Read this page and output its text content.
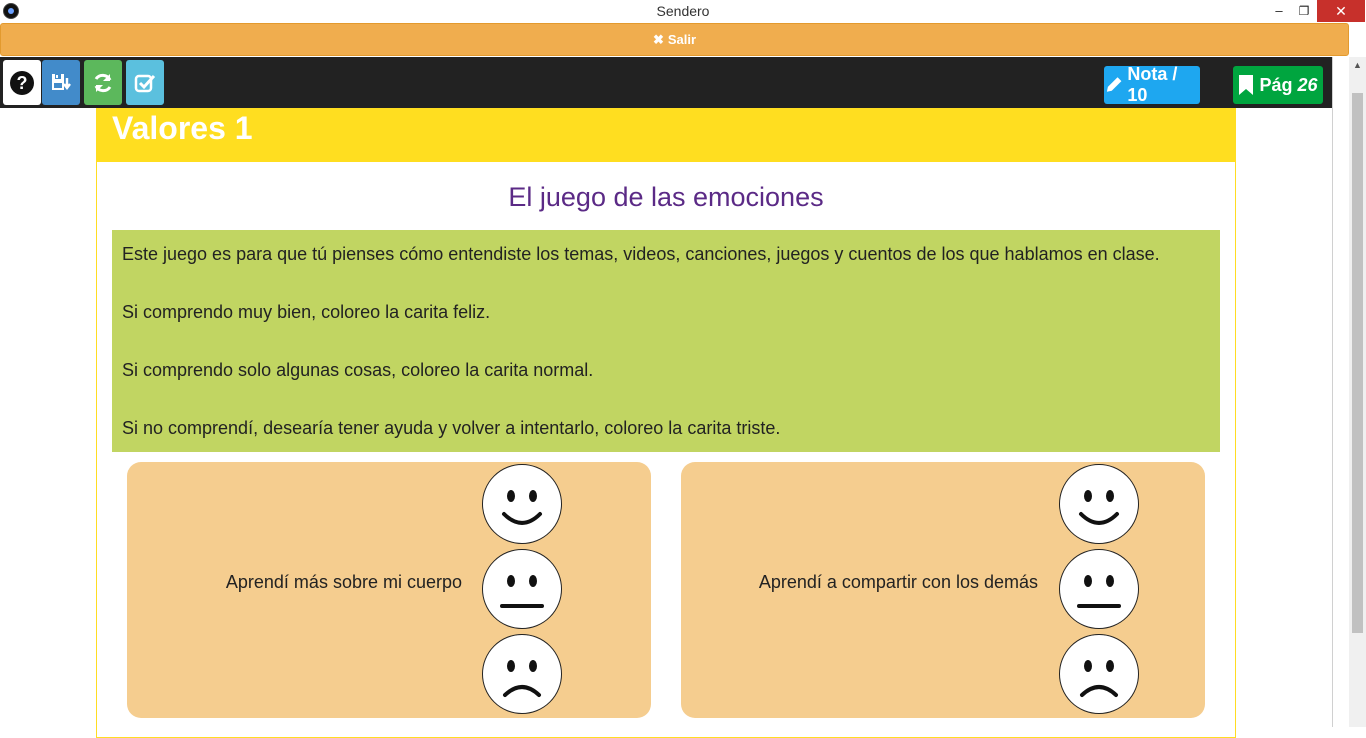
Sendero	–	❐	✕
✖ Salir
?	Nota / 10
Pág 26
▲
Valores 1
El juego de las emociones
Este juego es para que tú pienses cómo entendiste los temas, videos, canciones, juegos y cuentos de los que hablamos en clase.
Si comprendo muy bien, coloreo la carita feliz.
Si comprendo solo algunas cosas, coloreo la carita normal.
Si no comprendí, desearía tener ayuda y volver a intentarlo, coloreo la carita triste.
Aprendí más sobre mi cuerpo	Aprendí a compartir con los demás
